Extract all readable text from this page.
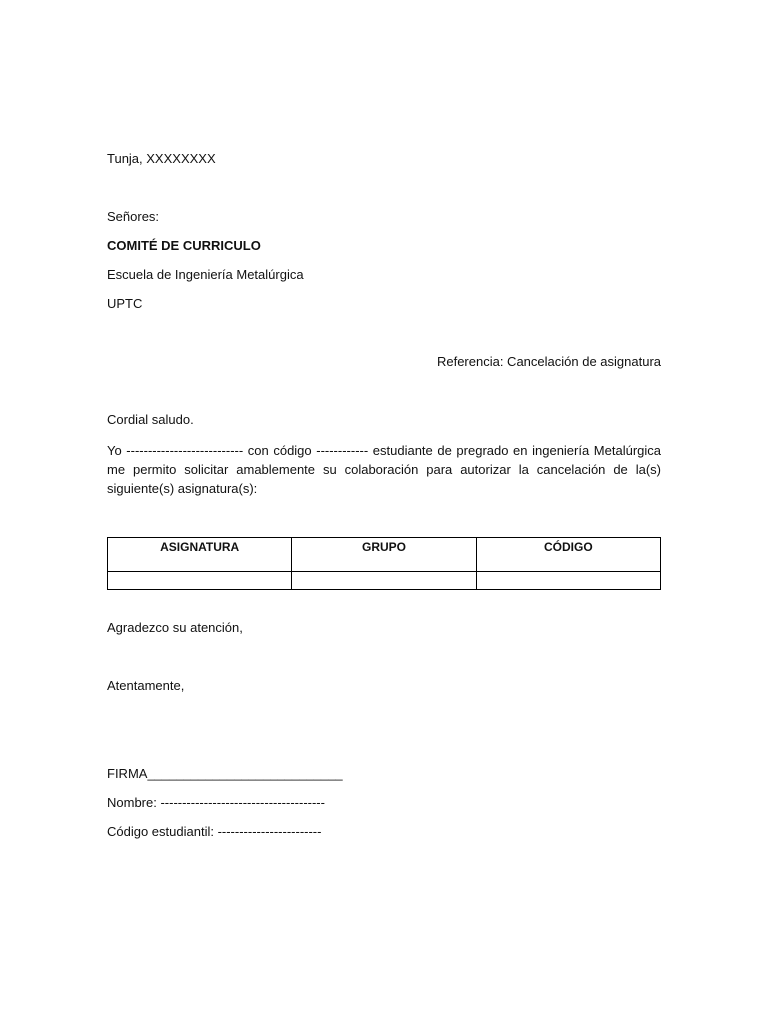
Tunja, XXXXXXXX
Señores:
COMITÉ DE CURRICULO
Escuela de Ingeniería Metalúrgica
UPTC
Referencia: Cancelación de asignatura
Cordial saludo.
Yo --------------------------- con código ------------ estudiante de pregrado en ingeniería Metalúrgica me permito solicitar amablemente su colaboración para autorizar la cancelación de la(s) siguiente(s) asignatura(s):
ASIGNATURA	GRUPO	CÓDIGO

Agradezco su atención,
Atentamente,
FIRMA___________________________
Nombre: --------------------------------------
Código estudiantil: ------------------------
